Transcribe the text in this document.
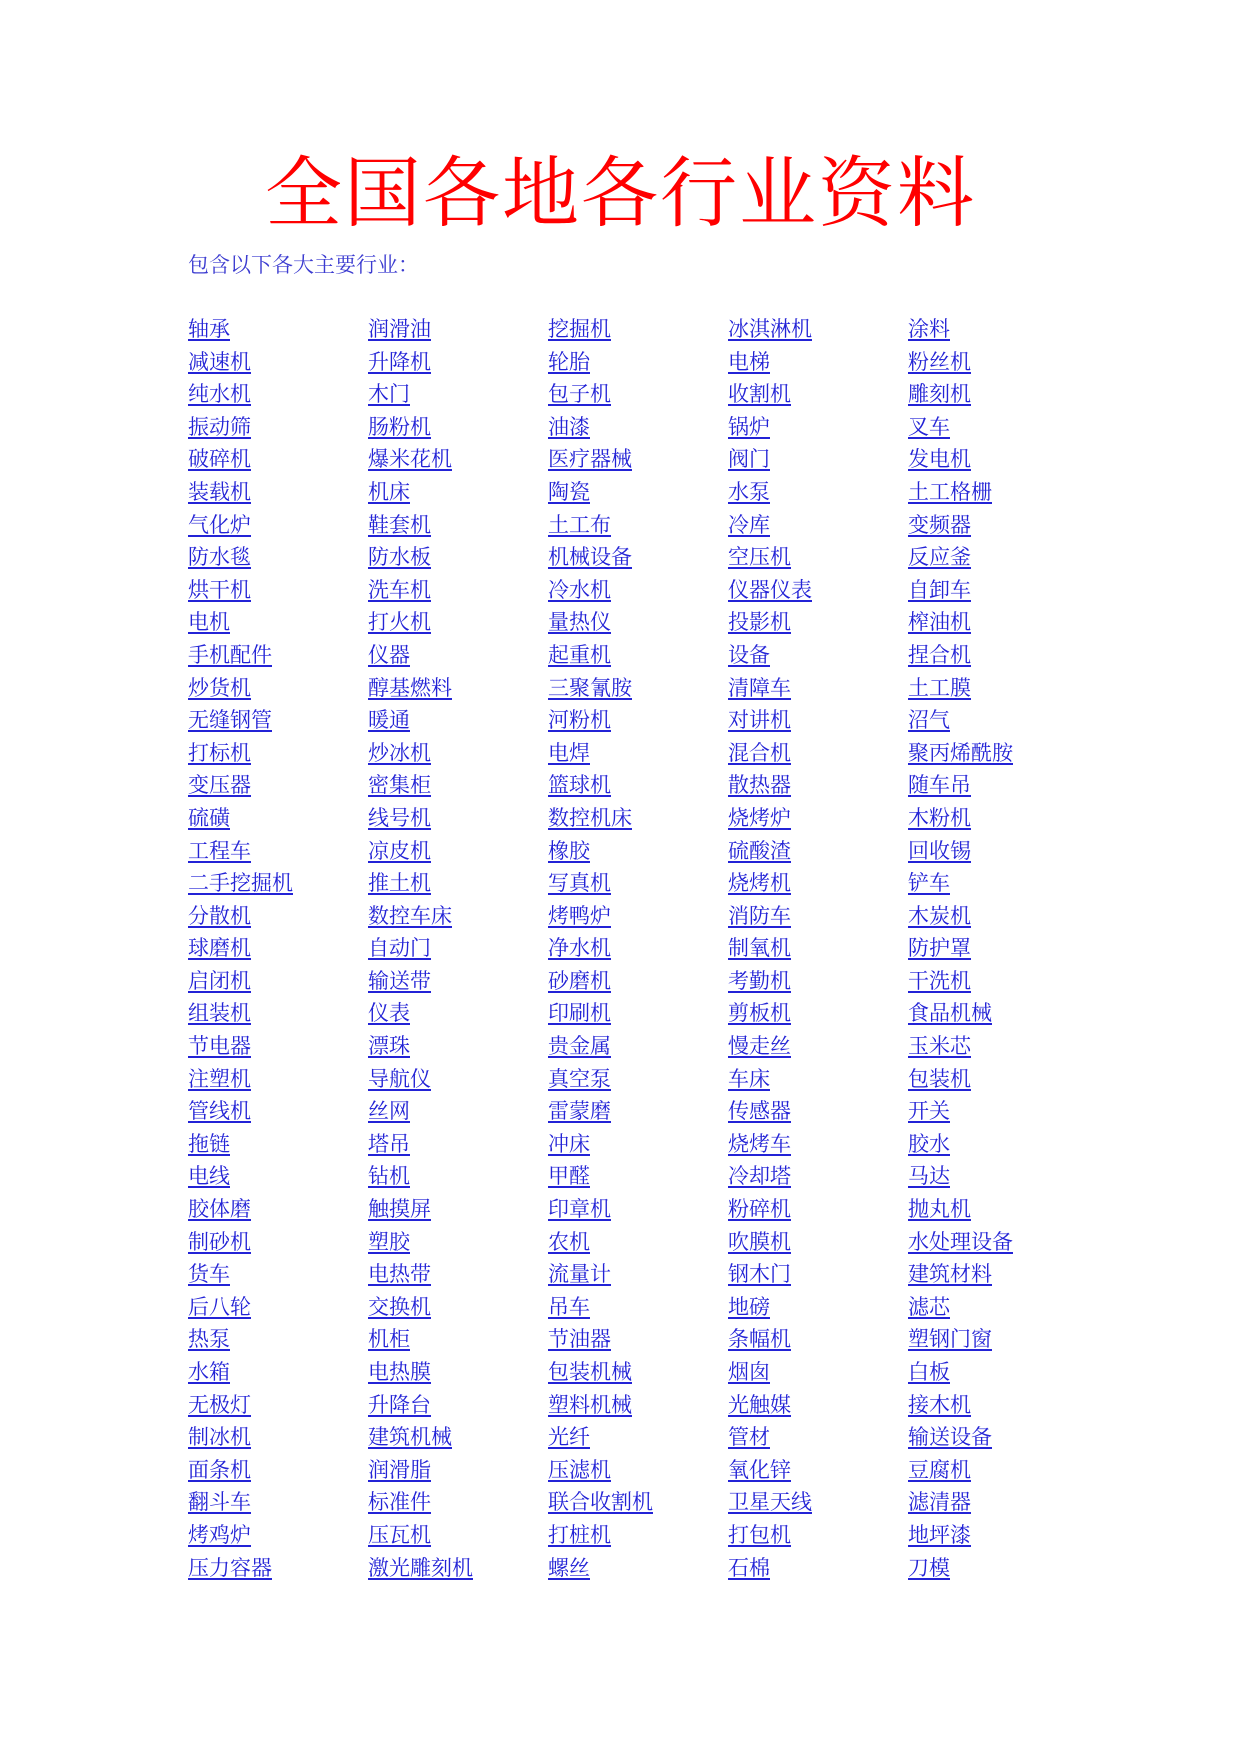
全国各地各行业资料
包含以下各大主要行业：
轴承	润滑油	挖掘机	冰淇淋机	涂料
减速机	升降机	轮胎	电梯	粉丝机
纯水机	木门	包子机	收割机	雕刻机
振动筛	肠粉机	油漆	锅炉	叉车
破碎机	爆米花机	医疗器械	阀门	发电机
装载机	机床	陶瓷	水泵	土工格栅
气化炉	鞋套机	土工布	冷库	变频器
防水毯	防水板	机械设备	空压机	反应釜
烘干机	洗车机	冷水机	仪器仪表	自卸车
电机	打火机	量热仪	投影机	榨油机
手机配件	仪器	起重机	设备	捏合机
炒货机	醇基燃料	三聚氰胺	清障车	土工膜
无缝钢管	暖通	河粉机	对讲机	沼气
打标机	炒冰机	电焊	混合机	聚丙烯酰胺
变压器	密集柜	篮球机	散热器	随车吊
硫磺	线号机	数控机床	烧烤炉	木粉机
工程车	凉皮机	橡胶	硫酸渣	回收锡
二手挖掘机	推土机	写真机	烧烤机	铲车
分散机	数控车床	烤鸭炉	消防车	木炭机
球磨机	自动门	净水机	制氧机	防护罩
启闭机	输送带	砂磨机	考勤机	干洗机
组装机	仪表	印刷机	剪板机	食品机械
节电器	漂珠	贵金属	慢走丝	玉米芯
注塑机	导航仪	真空泵	车床	包装机
管线机	丝网	雷蒙磨	传感器	开关
拖链	塔吊	冲床	烧烤车	胶水
电线	钻机	甲醛	冷却塔	马达
胶体磨	触摸屏	印章机	粉碎机	抛丸机
制砂机	塑胶	农机	吹膜机	水处理设备
货车	电热带	流量计	钢木门	建筑材料
后八轮	交换机	吊车	地磅	滤芯
热泵	机柜	节油器	条幅机	塑钢门窗
水箱	电热膜	包装机械	烟囱	白板
无极灯	升降台	塑料机械	光触媒	接木机
制冰机	建筑机械	光纤	管材	输送设备
面条机	润滑脂	压滤机	氧化锌	豆腐机
翻斗车	标准件	联合收割机	卫星天线	滤清器
烤鸡炉	压瓦机	打桩机	打包机	地坪漆
压力容器	激光雕刻机	螺丝	石棉	刀模
